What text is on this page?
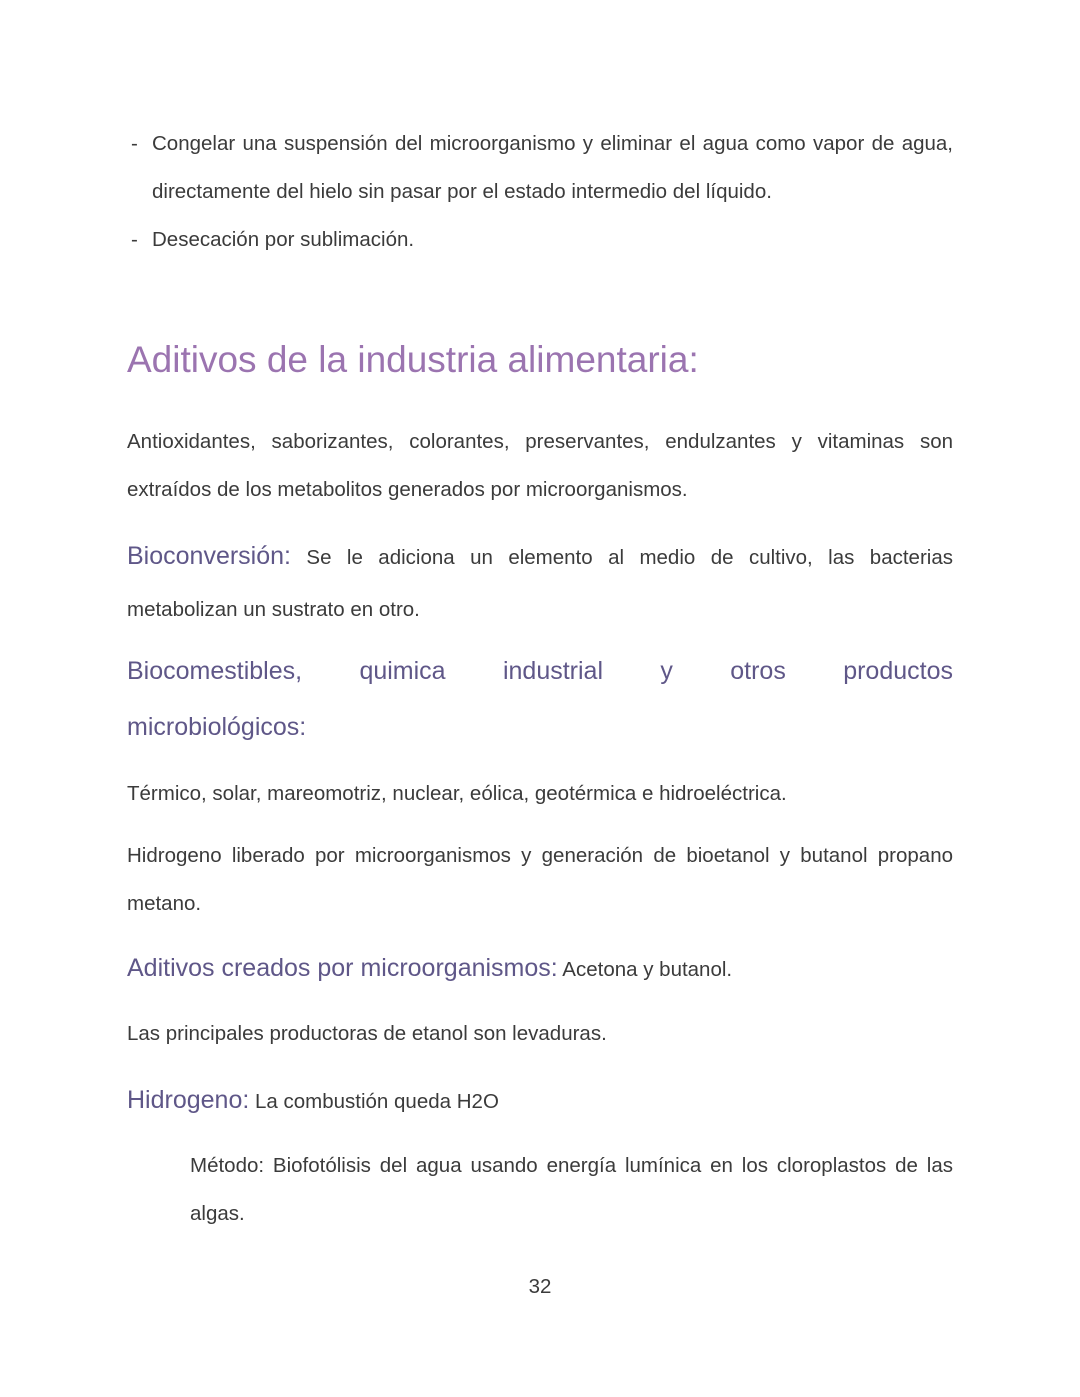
- Congelar una suspensión del microorganismo y eliminar el agua como vapor de agua, directamente del hielo sin pasar por el estado intermedio del líquido.
- Desecación por sublimación.
Aditivos de la industria alimentaria:

Antioxidantes, saborizantes, colorantes, preservantes, endulzantes y vitaminas son extraídos de los metabolitos generados por microorganismos.

Bioconversión: Se le adiciona un elemento al medio de cultivo, las bacterias metabolizan un sustrato en otro.

Biocomestibles, quimica industrial y otros productos

microbiológicos:

Térmico, solar, mareomotriz, nuclear, eólica, geotérmica e hidroeléctrica.

Hidrogeno liberado por microorganismos y generación de bioetanol y butanol propano metano.

Aditivos creados por microorganismos: Acetona y butanol.

Las principales productoras de etanol son levaduras.

Hidrogeno: La combustión queda H2O

Método: Biofotólisis del agua usando energía lumínica en los cloroplastos de las algas.

32
